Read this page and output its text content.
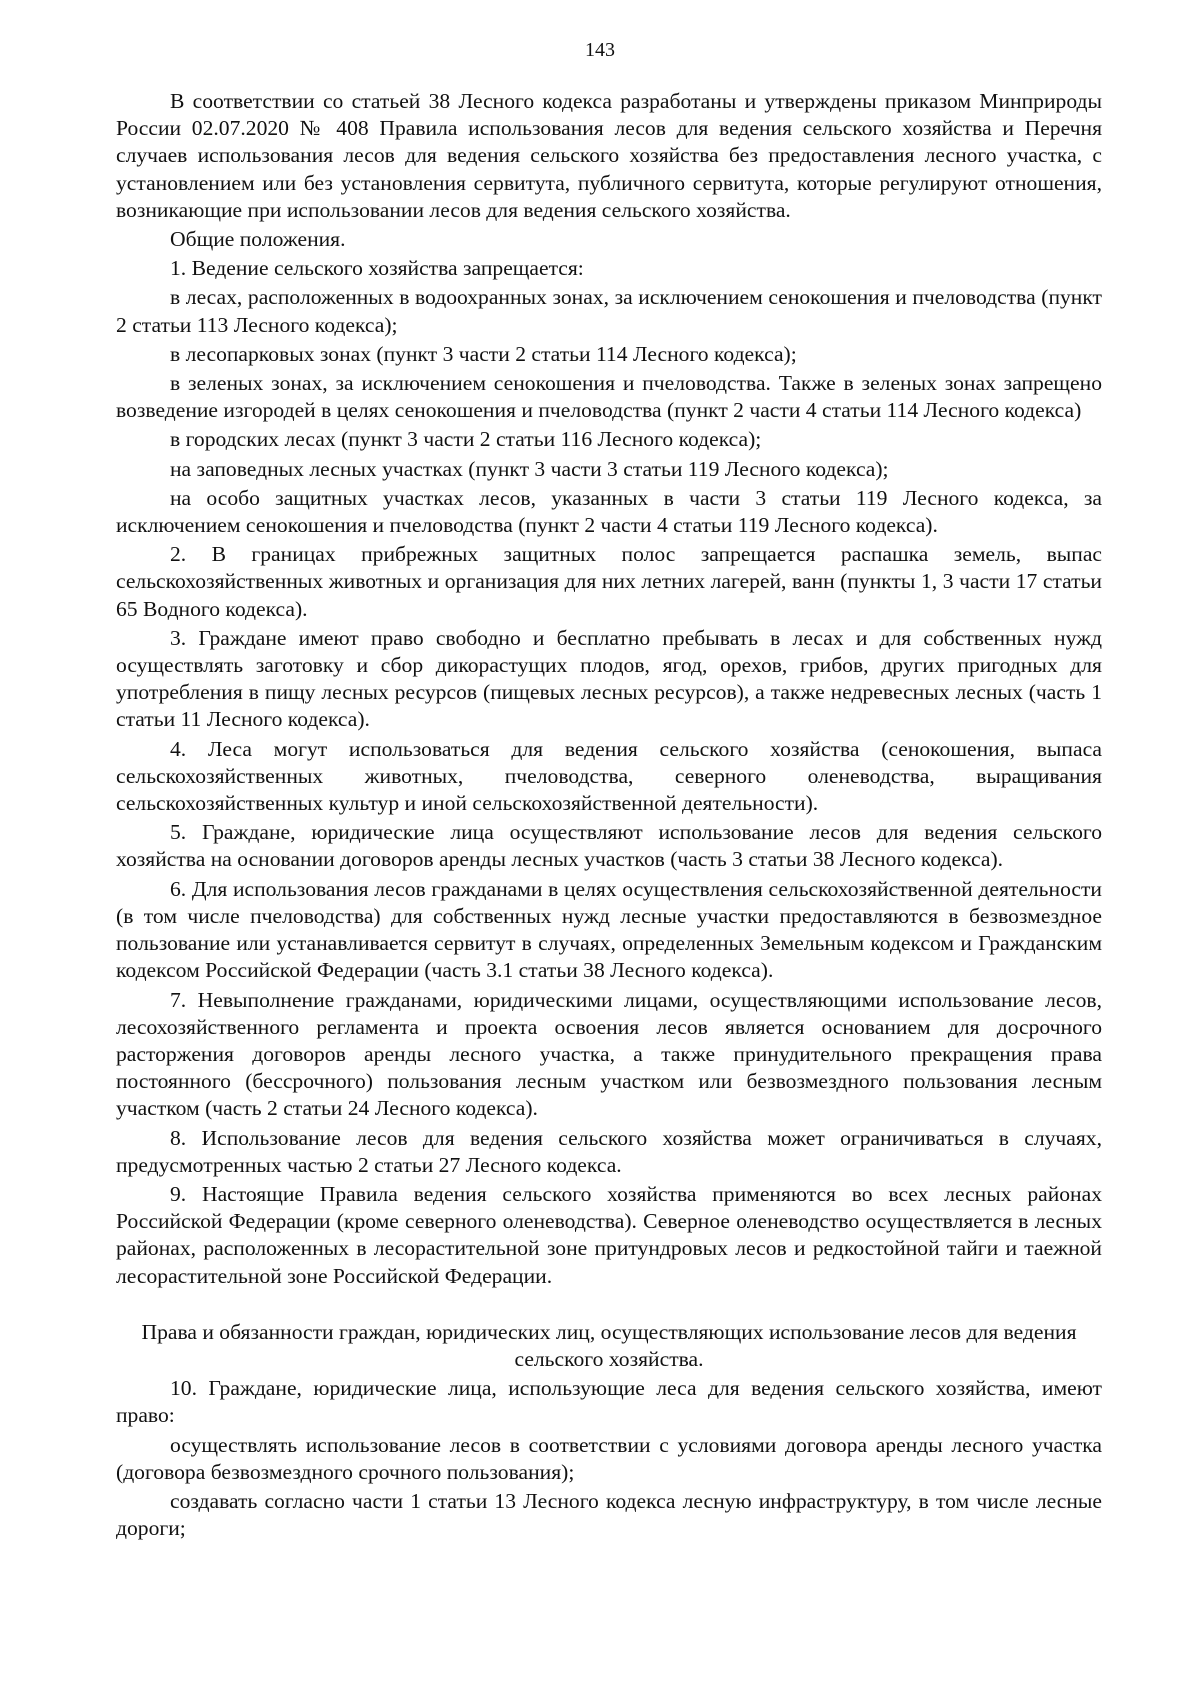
143

В соответствии со статьей 38 Лесного кодекса разработаны и утверждены приказом Минприроды России 02.07.2020 № 408 Правила использования лесов для ведения сельского хозяйства и Перечня случаев использования лесов для ведения сельского хозяйства без предоставления лесного участка, с установлением или без установления сервитута, публичного сервитута, которые регулируют отношения, возникающие при использовании лесов для ведения сельского хозяйства.

Общие положения.

1. Ведение сельского хозяйства запрещается:

в лесах, расположенных в водоохранных зонах, за исключением сенокошения и пчеловодства (пункт 2 статьи 113 Лесного кодекса);

в лесопарковых зонах (пункт 3 части 2 статьи 114 Лесного кодекса);

в зеленых зонах, за исключением сенокошения и пчеловодства. Также в зеленых зонах запрещено возведение изгородей в целях сенокошения и пчеловодства (пункт 2 части 4 статьи 114 Лесного кодекса)

в городских лесах (пункт 3 части 2 статьи 116 Лесного кодекса);

на заповедных лесных участках (пункт 3 части 3 статьи 119 Лесного кодекса);

на особо защитных участках лесов, указанных в части 3 статьи 119 Лесного кодекса, за исключением сенокошения и пчеловодства (пункт 2 части 4 статьи 119 Лесного кодекса).

2. В границах прибрежных защитных полос запрещается распашка земель, выпас сельскохозяйственных животных и организация для них летних лагерей, ванн (пункты 1, 3 части 17 статьи 65 Водного кодекса).

3. Граждане имеют право свободно и бесплатно пребывать в лесах и для собственных нужд осуществлять заготовку и сбор дикорастущих плодов, ягод, орехов, грибов, других пригодных для употребления в пищу лесных ресурсов (пищевых лесных ресурсов), а также недревесных лесных (часть 1 статьи 11 Лесного кодекса).

4. Леса могут использоваться для ведения сельского хозяйства (сенокошения, выпаса сельскохозяйственных животных, пчеловодства, северного оленеводства, выращивания сельскохозяйственных культур и иной сельскохозяйственной деятельности).

5. Граждане, юридические лица осуществляют использование лесов для ведения сельского хозяйства на основании договоров аренды лесных участков (часть 3 статьи 38 Лесного кодекса).

6. Для использования лесов гражданами в целях осуществления сельскохозяйственной деятельности (в том числе пчеловодства) для собственных нужд лесные участки предоставляются в безвозмездное пользование или устанавливается сервитут в случаях, определенных Земельным кодексом и Гражданским кодексом Российской Федерации (часть 3.1 статьи 38 Лесного кодекса).

7. Невыполнение гражданами, юридическими лицами, осуществляющими использование лесов, лесохозяйственного регламента и проекта освоения лесов является основанием для досрочного расторжения договоров аренды лесного участка, а также принудительного прекращения права постоянного (бессрочного) пользования лесным участком или безвозмездного пользования лесным участком (часть 2 статьи 24 Лесного кодекса).

8. Использование лесов для ведения сельского хозяйства может ограничиваться в случаях, предусмотренных частью 2 статьи 27 Лесного кодекса.

9. Настоящие Правила ведения сельского хозяйства применяются во всех лесных районах Российской Федерации (кроме северного оленеводства). Северное оленеводство осуществляется в лесных районах, расположенных в лесорастительной зоне притундровых лесов и редкостойной тайги и таежной лесорастительной зоне Российской Федерации.

Права и обязанности граждан, юридических лиц, осуществляющих использование лесов для ведения сельского хозяйства.

10. Граждане, юридические лица, использующие леса для ведения сельского хозяйства, имеют право:

осуществлять использование лесов в соответствии с условиями договора аренды лесного участка (договора безвозмездного срочного пользования);

создавать согласно части 1 статьи 13 Лесного кодекса лесную инфраструктуру, в том числе лесные дороги;
